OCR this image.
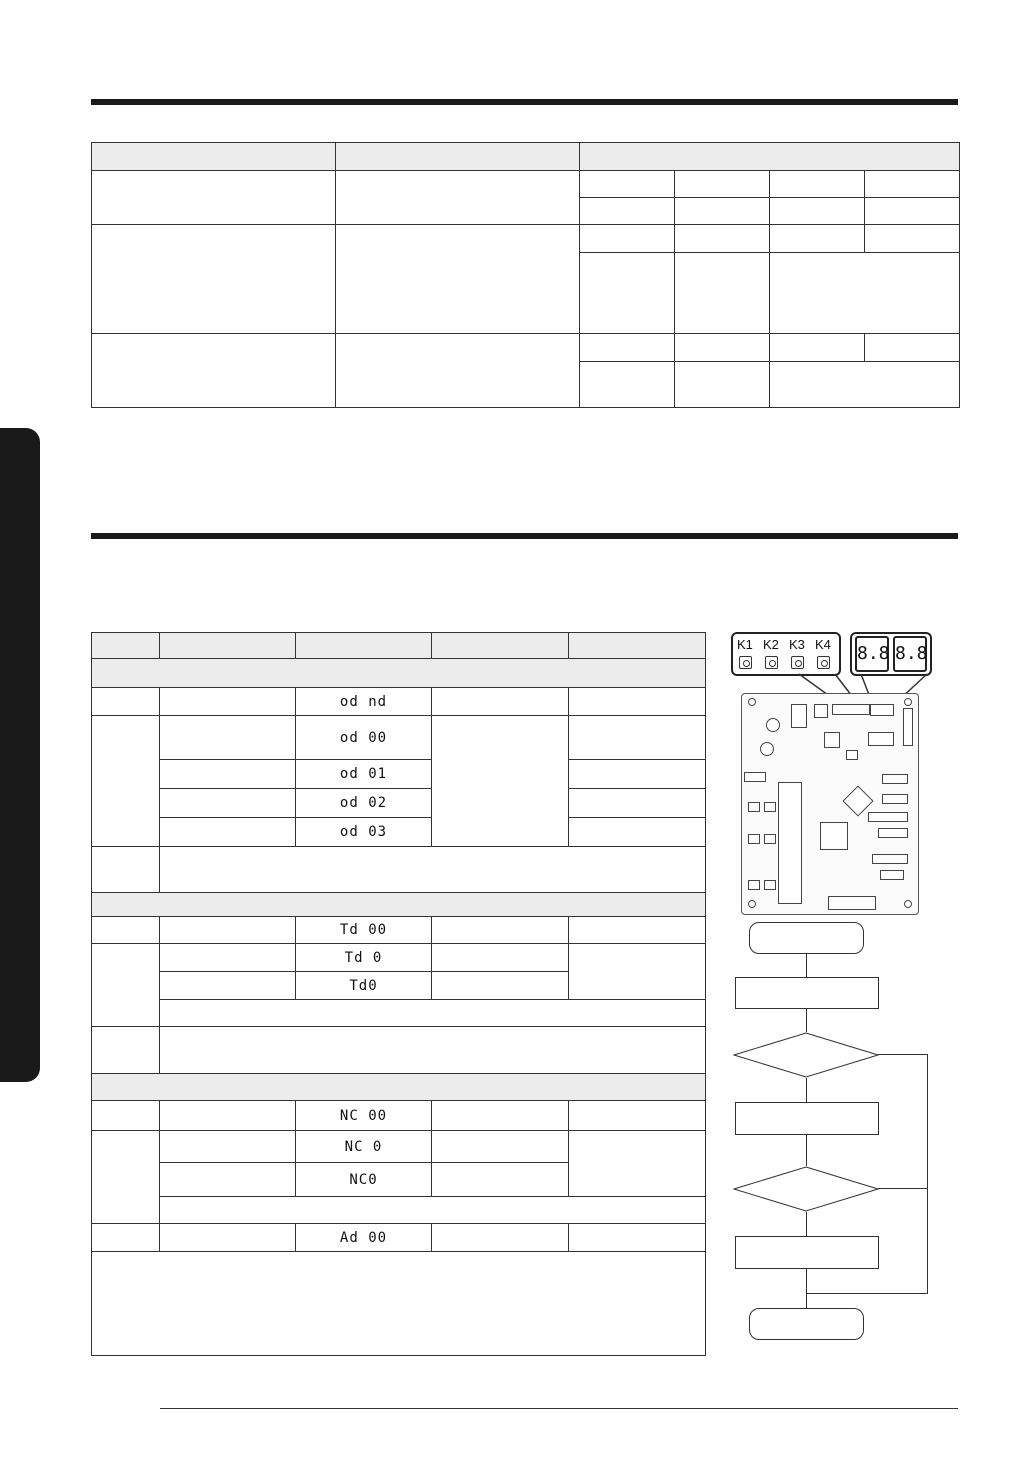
		od nd		
		od 00		
		od 01		
		od 02		
		od 03		

		Td 00		
		Td 0		
		Td0		

		NC 00		
		NC 0		
		NC0		

		Ad 00		

K1 K2 K3 K4 8.8 8.8
